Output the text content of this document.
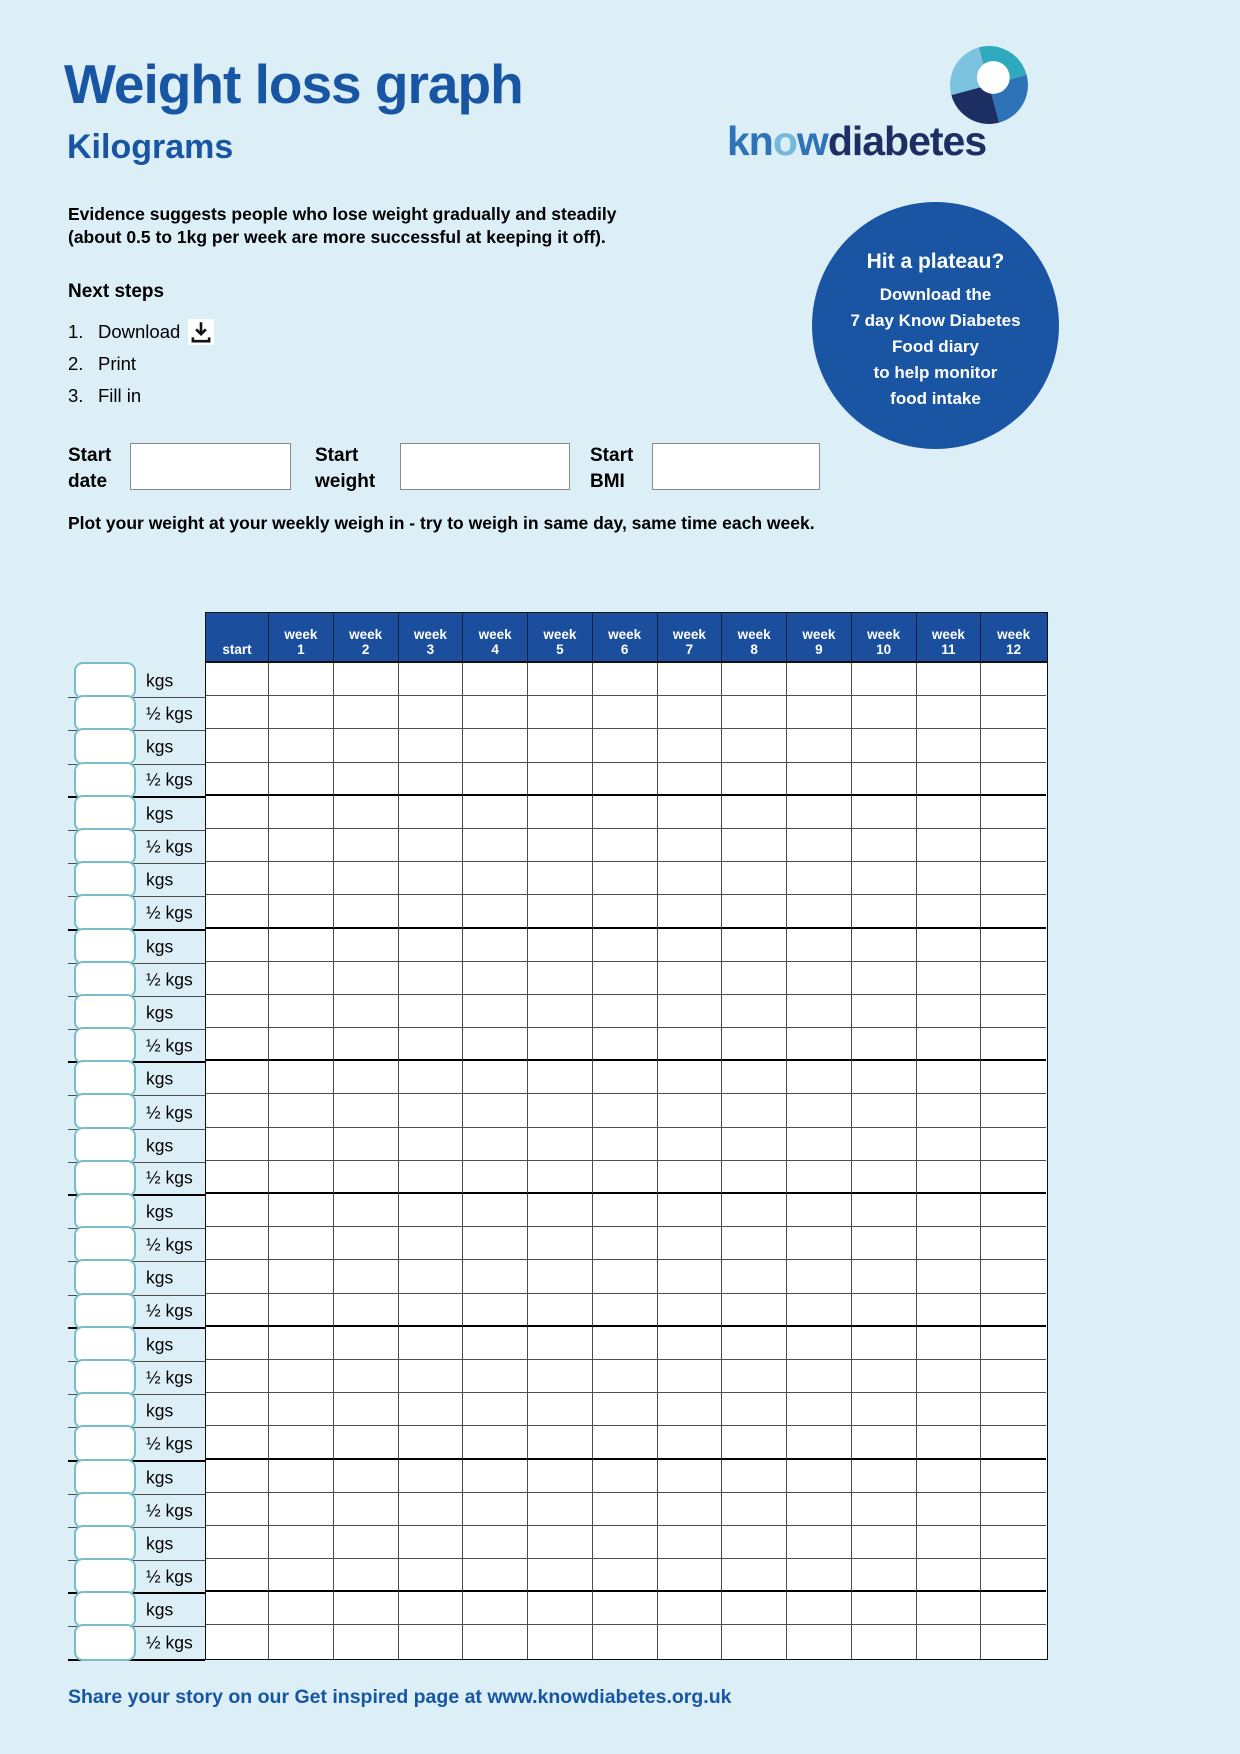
Weight loss graph
Kilograms	knowdiabetes
Evidence suggests people who lose weight gradually and steadily
(about 0.5 to 1kg per week are more successful at keeping it off).
Next steps
1. Download
2. Print
3. Fill in
Hit a plateau?
Download the
7 day Know Diabetes
Food diary
to help monitor
food intake
Start
date
Start
weight
Start
BMI
Plot your weight at your weekly weigh in - try to weigh in same day, same time each week.
kgs
½ kgs
kgs
½ kgs
kgs
½ kgs
kgs
½ kgs
kgs
½ kgs
kgs
½ kgs
kgs
½ kgs
kgs
½ kgs
kgs
½ kgs
kgs
½ kgs
kgs
½ kgs
kgs
½ kgs
kgs
½ kgs
kgs
½ kgs
kgs
½ kgs
start
week
1
week
2
week
3
week
4
week
5
week
6
week
7
week
8
week
9
week
10
week
11
week
12
Share your story on our Get inspired page at www.knowdiabetes.org.uk
